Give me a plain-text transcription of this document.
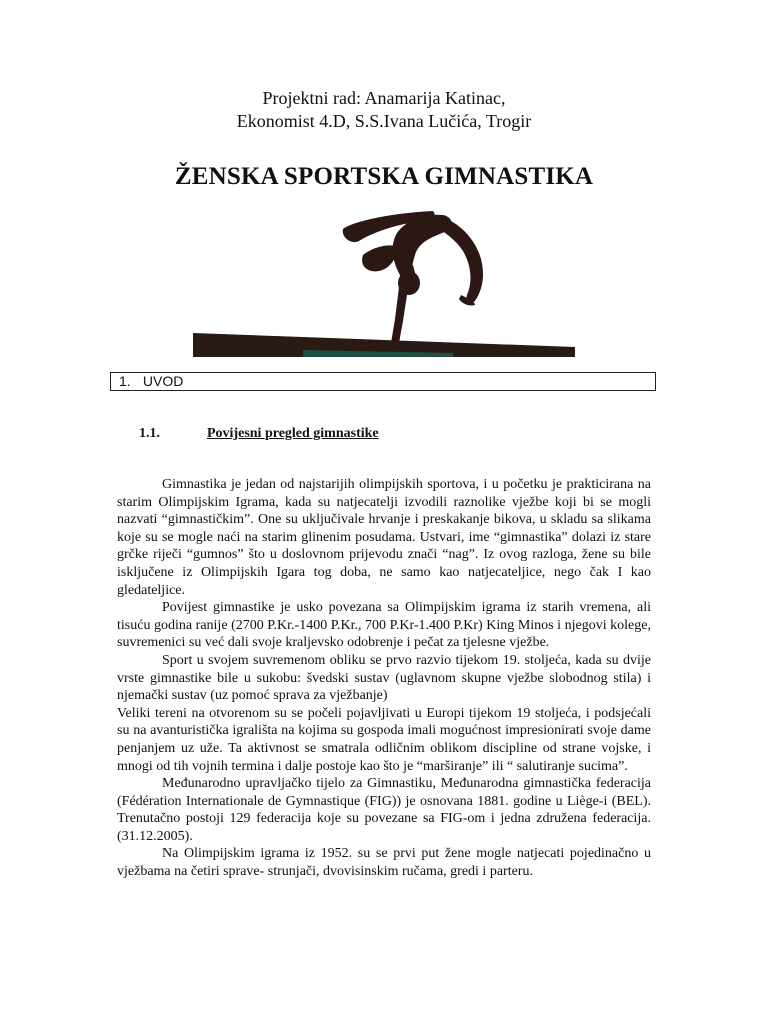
Projektni rad: Anamarija Katinac,
Ekonomist 4.D, S.S.Ivana Lučića, Trogir
ŽENSKA SPORTSKA GIMNASTIKA
1. UVOD
1.1.	Povijesni pregled gimnastike

Gimnastika je jedan od najstarijih olimpijskih sportova, i u početku je prakticirana na starim Olimpijskim Igrama, kada su natjecatelji izvodili raznolike vježbe koji bi se mogli nazvati “gimnastičkim”. One su uključivale hrvanje i preskakanje bikova, u skladu sa slikama koje su se mogle naći na starim glinenim posudama. Ustvari, ime “gimnastika” dolazi iz stare grčke riječi “gumnos” što u doslovnom prijevodu znači “nag”. Iz ovog razloga, žene su bile isključene iz Olimpijskih Igara tog doba, ne samo kao natjecateljice, nego čak I kao gledateljice.

Povijest gimnastike je usko povezana sa Olimpijskim igrama iz starih vremena, ali tisuću godina ranije (2700 P.Kr.-1400 P.Kr., 700 P.Kr-1.400 P.Kr) King Minos i njegovi kolege, suvremenici su već dali svoje kraljevsko odobrenje i pečat za tjelesne vježbe.

Sport u svojem suvremenom obliku se prvo razvio tijekom 19. stoljeća, kada su dvije vrste gimnastike bile u sukobu: švedski sustav (uglavnom skupne vježbe slobodnog stila) i njemački sustav (uz pomoć sprava za vježbanje)

Veliki tereni na otvorenom su se počeli pojavljivati u Europi tijekom 19 stoljeća, i podsjećali su na avanturistička igrališta na kojima su gospoda imali mogućnost impresionirati svoje dame penjanjem uz uže. Ta aktivnost se smatrala odličnim oblikom discipline od strane vojske, i mnogi od tih vojnih termina i dalje postoje kao što je “marširanje” ili “ salutiranje sucima”.

Međunarodno upravljačko tijelo za Gimnastiku, Međunarodna gimnastička federacija (Fédération Internationale de Gymnastique (FIG)) je osnovana 1881. godine u Liège-i (BEL). Trenutačno postoji 129 federacija koje su povezane sa FIG-om i jedna združena federacija. (31.12.2005).

Na Olimpijskim igrama iz 1952. su se prvi put žene mogle natjecati pojedinačno u vježbama na četiri sprave- strunjači, dvovisinskim ručama, gredi i parteru.
